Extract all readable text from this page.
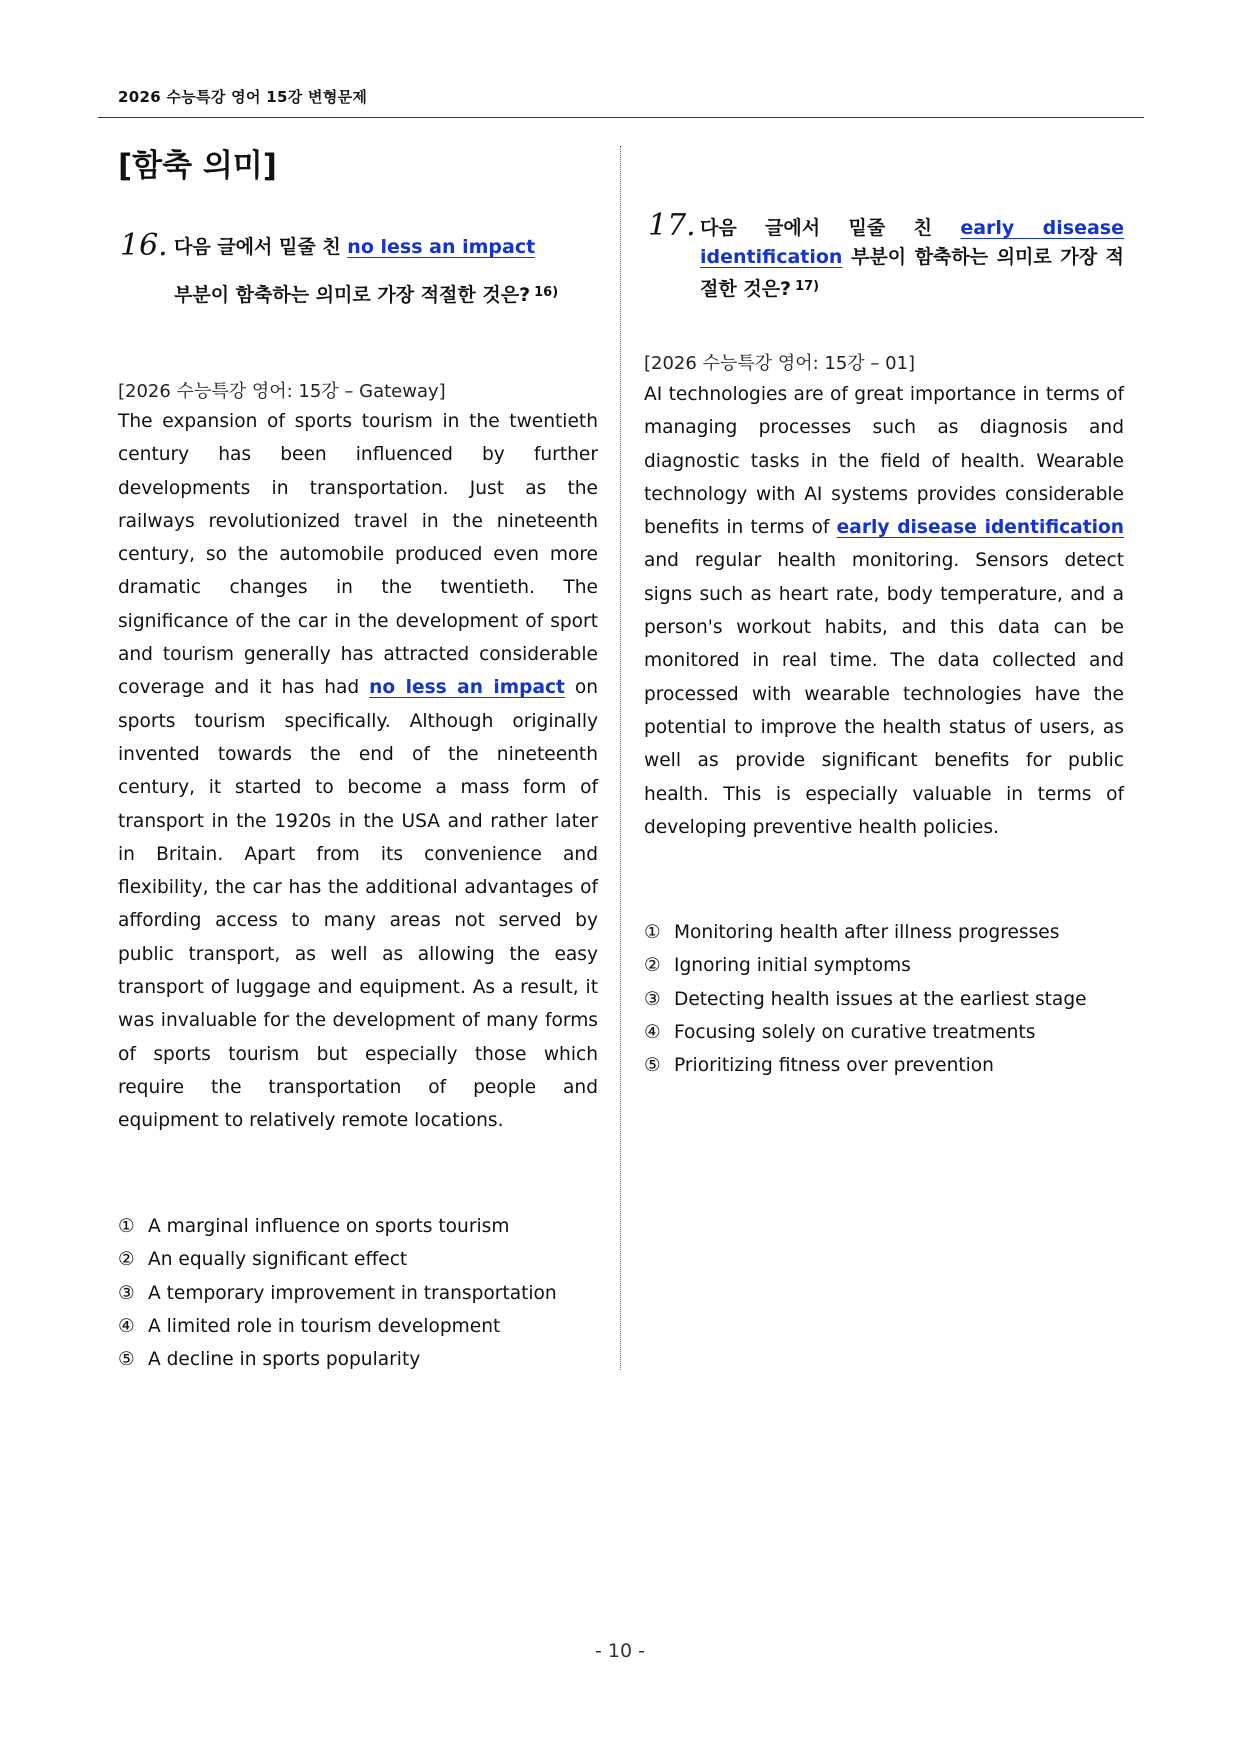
2026 수능특강 영어 15강 변형문제
[함축 의미]
16. 다음 글에서 밑줄 친 no less an impact
부분이 함축하는 의미로 가장 적절한 것은? $^{16)}$
[2026 수능특강 영어: 15강 – Gateway]
The expansion of sports tourism in the twentieth century has been influenced by further developments in transportation. Just as the railways revolutionized travel in the nineteenth century, so the automobile produced even more dramatic changes in the twentieth. The significance of the car in the development of sport and tourism generally has attracted considerable coverage and it has had no less an impact on sports tourism specifically. Although originally invented towards the end of the nineteenth century, it started to become a mass form of transport in the 1920s in the USA and rather later in Britain. Apart from its convenience and flexibility, the car has the additional advantages of affording access to many areas not served by public transport, as well as allowing the easy transport of luggage and equipment. As a result, it was invaluable for the development of many forms of sports tourism but especially those which require the transportation of people and equipment to relatively remote locations.
① A marginal influence on sports tourism
② An equally significant effect
③ A temporary improvement in transportation
④ A limited role in tourism development
⑤ A decline in sports popularity
17. 다음 글에서 밑줄 친 early disease identification 부분이 함축하는 의미로 가장 적절한 것은? $^{17)}$
[2026 수능특강 영어: 15강 – 01]
AI technologies are of great importance in terms of managing processes such as diagnosis and diagnostic tasks in the field of health. Wearable technology with AI systems provides considerable benefits in terms of early disease identification and regular health monitoring. Sensors detect signs such as heart rate, body temperature, and a person's workout habits, and this data can be monitored in real time. The data collected and processed with wearable technologies have the potential to improve the health status of users, as well as provide significant benefits for public health. This is especially valuable in terms of developing preventive health policies.
① Monitoring health after illness progresses
② Ignoring initial symptoms
③ Detecting health issues at the earliest stage
④ Focusing solely on curative treatments
⑤ Prioritizing fitness over prevention
- 10 -
